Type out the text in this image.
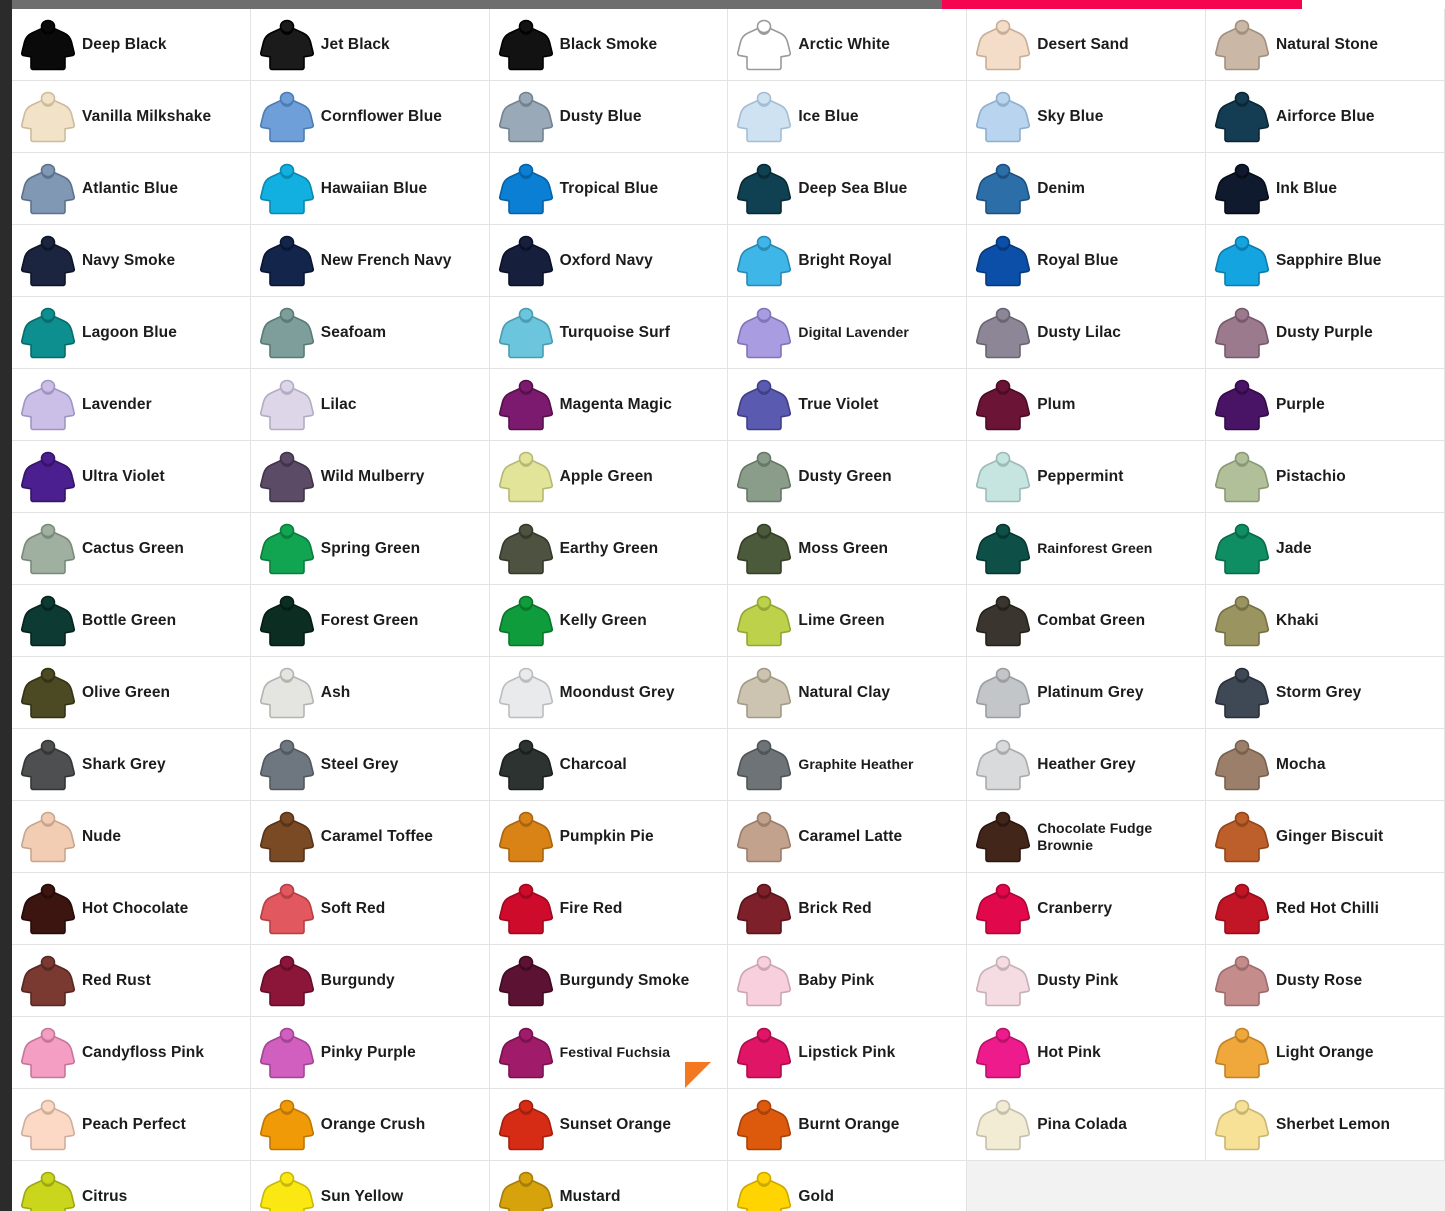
Deep Black	Jet Black	Black Smoke	Arctic White	Desert Sand	Natural Stone
Vanilla Milkshake	Cornflower Blue	Dusty Blue	Ice Blue	Sky Blue	Airforce Blue
Atlantic Blue	Hawaiian Blue	Tropical Blue	Deep Sea Blue	Denim	Ink Blue
Navy Smoke	New French Navy	Oxford Navy	Bright Royal	Royal Blue	Sapphire Blue
Lagoon Blue	Seafoam	Turquoise Surf	Digital Lavender	Dusty Lilac	Dusty Purple
Lavender	Lilac	Magenta Magic	True Violet	Plum	Purple
Ultra Violet	Wild Mulberry	Apple Green	Dusty Green	Peppermint	Pistachio
Cactus Green	Spring Green	Earthy Green	Moss Green	Rainforest Green	Jade
Bottle Green	Forest Green	Kelly Green	Lime Green	Combat Green	Khaki
Olive Green	Ash	Moondust Grey	Natural Clay	Platinum Grey	Storm Grey
Shark Grey	Steel Grey	Charcoal	Graphite Heather	Heather Grey	Mocha
Nude	Caramel Toffee	Pumpkin Pie	Caramel Latte	Chocolate Fudge Brownie	Ginger Biscuit
Hot Chocolate	Soft Red	Fire Red	Brick Red	Cranberry	Red Hot Chilli
Red Rust	Burgundy	Burgundy Smoke	Baby Pink	Dusty Pink	Dusty Rose
Candyfloss Pink	Pinky Purple	Festival Fuchsia	Lipstick Pink	Hot Pink	Light Orange
Peach Perfect	Orange Crush	Sunset Orange	Burnt Orange	Pina Colada	Sherbet Lemon
Citrus	Sun Yellow	Mustard	Gold
